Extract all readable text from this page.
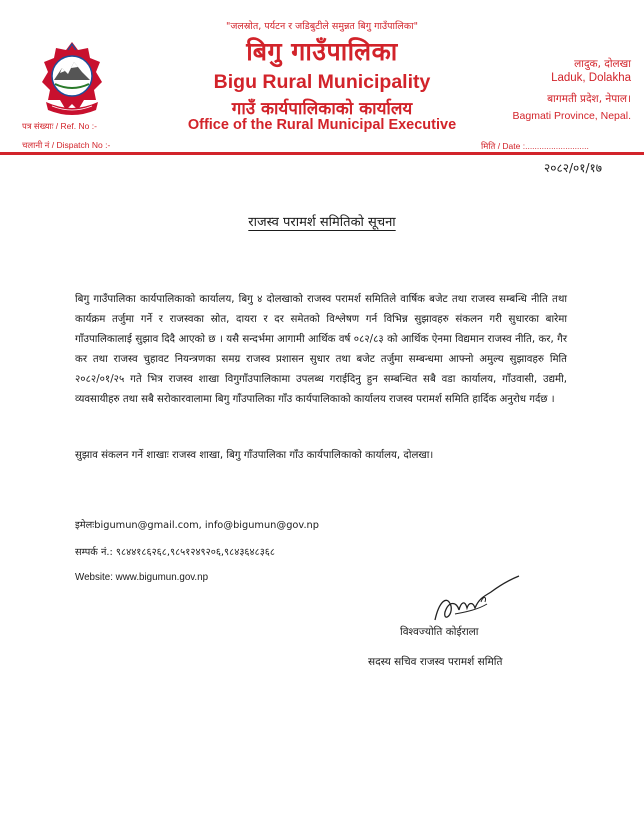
"जलस्रोत, पर्यटन र जडिबुटीले समुन्नत बिगु गाउँपालिका"
बिगु गाउँपालिका
Bigu Rural Municipality
गाउँ कार्यपालिकाको कार्यालय
Office of the Rural Municipal Executive
लादुक, दोलखा
Laduk, Dolakha
बागमती प्रदेश, नेपाल।
Bagmati Province, Nepal.
पत्र संख्याः / Ref. No :-
चलानी नं / Dispatch No :-	मिति / Date :...........................
२०८२/०१/१७
राजस्व परामर्श समितिको सूचना
बिगु गाउँपालिका कार्यपालिकाको कार्यालय, बिगु ४ दोलखाको राजस्व परामर्श समितिले वार्षिक बजेट तथा राजस्व सम्बन्धि नीति तथा कार्यक्रम तर्जुमा गर्ने र राजस्वका स्रोत, दायरा र दर समेतको विश्लेषण गर्न विभिन्न सुझावहरु संकलन गरी सुधारका बारेमा गाँउपालिकालाई सुझाव दिदै आएको छ । यसै सन्दर्भमा आगामी आर्थिक वर्ष ०८२/८३ को आर्थिक ऐनमा विद्यमान राजस्व नीति, कर, गैर कर तथा राजस्व चुहावट नियन्त्रणका समग्र राजस्व प्रशासन सुधार तथा बजेट तर्जुमा सम्बन्धमा आफ्नो अमुल्य सुझावहरु मिति २०८२/०१/२५ गते भित्र राजस्व शाखा विगुगाँउपालिकामा उपलब्ध गराईदिनु हुन सम्बन्धित सबै वडा कार्यालय, गाँउवासी, उद्यमी, व्यवसायीहरु तथा सबै सरोकारवालामा बिगु गाँउपालिका गाँउ कार्यपालिकाको कार्यालय राजस्व परामर्श समिति हार्दिक अनुरोध गर्दछ ।
सुझाव संकलन गर्ने शाखाः राजस्व शाखा, बिगु गाँउपालिका गाँउ कार्यपालिकाको कार्यालय, दोलखा।
इमेलःbigumun@gmail.com, info@bigumun@gov.np
सम्पर्क नं.: ९८४४१८६२६८,९८५१२४९२०६,९८४३६४८३६८
Website: www.bigumun.gov.np
विश्वज्योति कोईराला
सदस्य सचिव राजस्व परामर्श समिति
